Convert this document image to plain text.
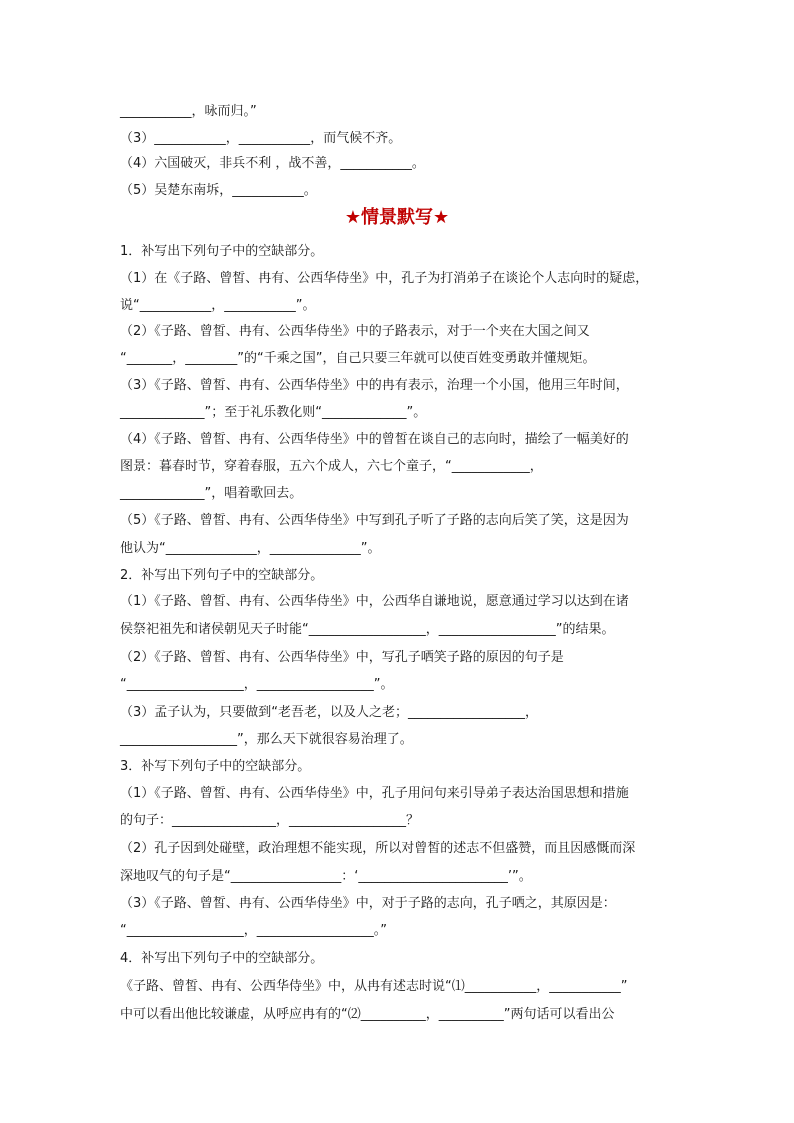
___________，咏而归。”
（3）___________，___________，而气候不齐。
（4）六国破灭，非兵不利 ，战不善，___________。
（5）吴楚东南坼，___________。
★情景默写★
1．补写出下列句子中的空缺部分。
（1）在《子路、曾皙、冉有、公西华侍坐》中，孔子为打消弟子在谈论个人志向时的疑虑，
说“___________，___________”。
（2）《子路、曾皙、冉有、公西华侍坐》中的子路表示，对于一个夹在大国之间又
“_______，________”的“千乘之国”，自己只要三年就可以使百姓变勇敢并懂规矩。
（3）《子路、曾皙、冉有、公西华侍坐》中的冉有表示，治理一个小国，他用三年时间，
_____________”；至于礼乐教化则“_____________”。
（4）《子路、曾皙、冉有、公西华侍坐》中的曾皙在谈自己的志向时，描绘了一幅美好的
图景：暮春时节，穿着春服，五六个成人，六七个童子，“____________，
_____________”，唱着歌回去。
（5）《子路、曾皙、冉有、公西华侍坐》中写到孔子听了子路的志向后笑了笑，这是因为
他认为“______________，______________”。
2．补写出下列句子中的空缺部分。
（1）《子路、曾皙、冉有、公西华侍坐》中，公西华自谦地说，愿意通过学习以达到在诸
侯祭祀祖先和诸侯朝见天子时能“__________________，__________________”的结果。
（2）《子路、曾皙、冉有、公西华侍坐》中，写孔子哂笑子路的原因的句子是
“__________________，__________________”。
（3）孟子认为，只要做到“老吾老，以及人之老；__________________，
__________________”，那么天下就很容易治理了。
3．补写下列句子中的空缺部分。
（1）《子路、曾皙、冉有、公西华侍坐》中，孔子用问句来引导弟子表达治国思想和措施
的句子：________________，__________________？
（2）孔子因到处碰壁，政治理想不能实现，所以对曾皙的述志不但盛赞，而且因感慨而深
深地叹气的句子是“_________________：‘_______________________’”。
（3）《子路、曾皙、冉有、公西华侍坐》中，对于子路的志向，孔子哂之，其原因是：
“__________________，__________________。”
4．补写出下列句子中的空缺部分。
《子路、曾皙、冉有、公西华侍坐》中，从冉有述志时说“⑴___________，___________”
中可以看出他比较谦虚，从呼应冉有的“⑵__________，__________”两句话可以看出公
